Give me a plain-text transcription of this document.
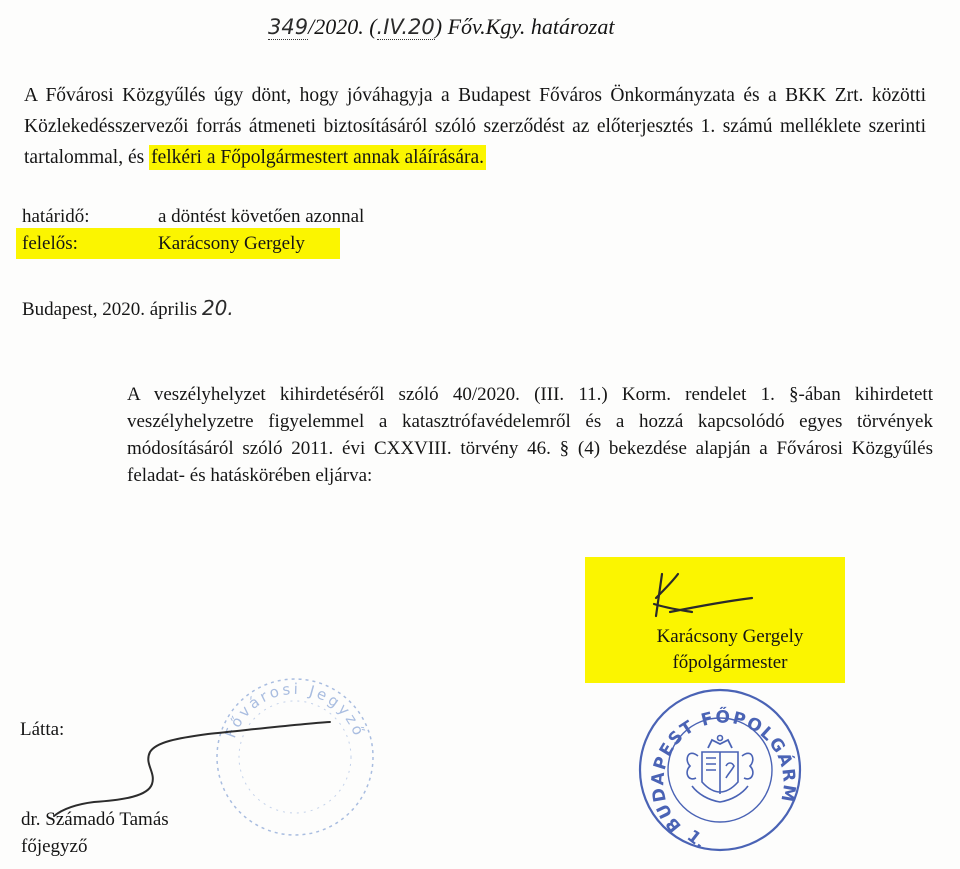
349/2020. (.IV.20) Főv.Kgy. határozat
A Fővárosi Közgyűlés úgy dönt, hogy jóváhagyja a Budapest Főváros Önkormányzata és a BKK Zrt. közötti Közlekedésszervezői forrás átmeneti biztosításáról szóló szerződést az előterjesztés 1. számú melléklete szerinti tartalommal, és felkéri a Főpolgármestert annak aláírására.
határidő:	a döntést követően azonnal
felelős:	Karácsony Gergely
Budapest, 2020. április 20.
A veszélyhelyzet kihirdetéséről szóló 40/2020. (III. 11.) Korm. rendelet 1. §-ában kihirdetett veszélyhelyzetre figyelemmel a katasztrófavédelemről és a hozzá kapcsolódó egyes törvények módosításáról szóló 2011. évi CXXVIII. törvény 46. § (4) bekezdése alapján a Fővárosi Közgyűlés feladat- és hatáskörében eljárva:
Karácsony Gergely
főpolgármester
Fővárosi Jegyző
BUDAPEST FŐPOLGÁRM
1.
Látta:
dr. Számadó Tamás
főjegyző
